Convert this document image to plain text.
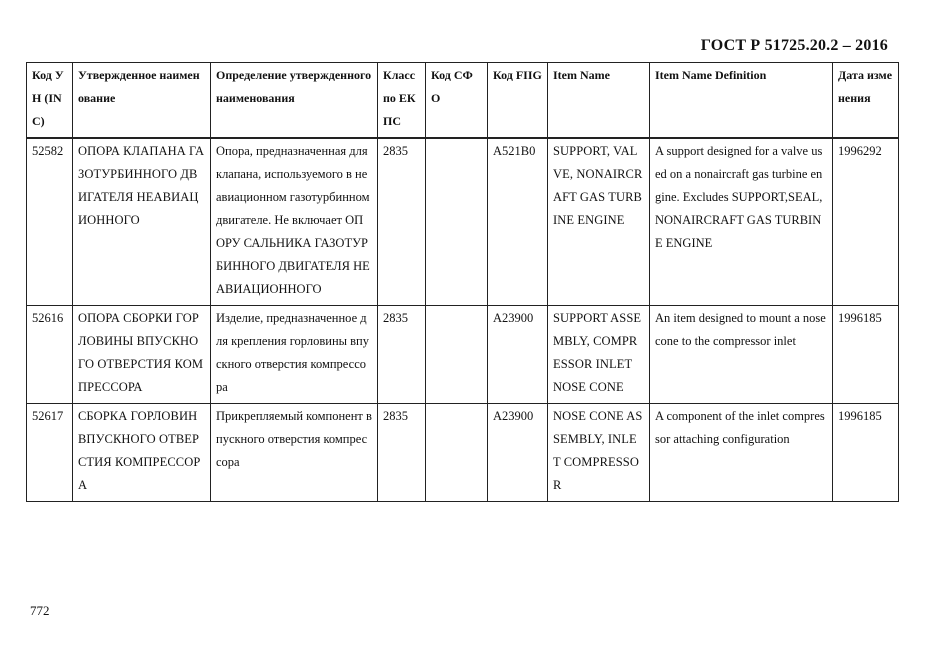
ГОСТ Р 51725.20.2 – 2016
Код УН (INC)	Утвержденное наименование	Определение утвержденного наименования	Класс по ЕКПС	Код СФО	Код FIIG	Item Name	Item Name Definition	Дата изменения
52582	ОПОРА КЛАПАНА ГАЗОТУРБИННОГО ДВИГАТЕЛЯ НЕАВИАЦИОННОГО	Опора, предназначенная для клапана, используемого в неавиационном газотурбинном двигателе. Не включает ОПОРУ САЛЬНИКА ГАЗОТУРБИННОГО ДВИГАТЕЛЯ НЕАВИАЦИОННОГО	2835		A521B0	SUPPORT, VALVE, NONAIRCRAFT GAS TURBINE ENGINE	A support designed for a valve used on a nonaircraft gas turbine engine. Excludes SUPPORT,SEAL,NONAIRCRAFT GAS TURBINE ENGINE	1996292
52616	ОПОРА СБОРКИ ГОРЛОВИНЫ ВПУСКНОГО ОТВЕРСТИЯ КОМПРЕССОРА	Изделие, предназначенное для крепления горловины впускного отверстия компрессора	2835		A23900	SUPPORT ASSEMBLY, COMPRESSOR INLET NOSE CONE	An item designed to mount a nose cone to the compressor inlet	1996185
52617	СБОРКА ГОРЛОВИН ВПУСКНОГО ОТВЕРСТИЯ КОМПРЕССОРА	Прикрепляемый компонент впускного отверстия компрессора	2835		A23900	NOSE CONE ASSEMBLY, INLET COMPRESSOR	A component of the inlet compressor attaching configuration	1996185
772
